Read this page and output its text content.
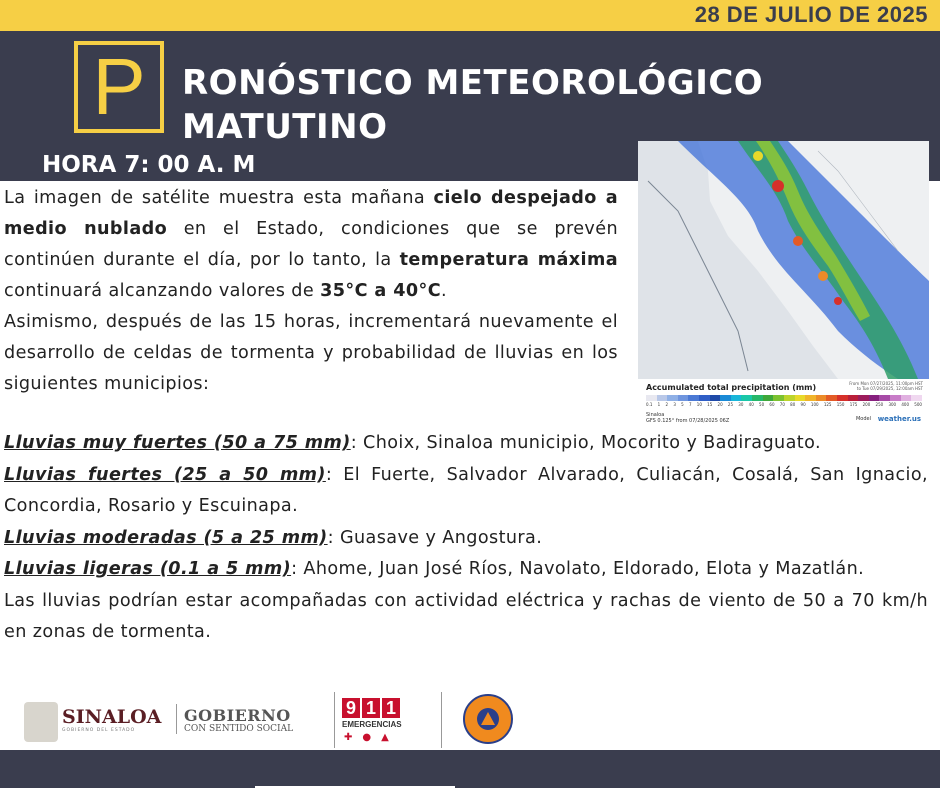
28 DE JULIO DE 2025
P	RONÓSTICO METEOROLÓGICO
MATUTINO
HORA 7: 00 A. M
Accumulated total precipitation (mm)	From Mon 07/27/2025, 11:00pm HST
to Tue 07/29/2025, 12:00am HST
0.1 1 2 3 5 7 10 15 20 25 30 40 50 60 70 80 90 100 125 150 175 200 250 300 400 500
Sinaloa
GFS 0.125° from 07/28/2025 06Z	Model weather.us

La imagen de satélite muestra esta mañana cielo despejado a medio nublado en el Estado, condiciones que se prevén continúen durante el día, por lo tanto, la temperatura máxima continuará alcanzando valores de 35°C a 40°C.

Asimismo, después de las 15 horas, incrementará nuevamente el desarrollo de celdas de tormenta y probabilidad de lluvias en los siguientes municipios:

Lluvias muy fuertes (50 a 75 mm): Choix, Sinaloa municipio, Mocorito y Badiraguato.

Lluvias fuertes (25 a 50 mm): El Fuerte, Salvador Alvarado, Culiacán, Cosalá, San Ignacio, Concordia, Rosario y Escuinapa.

Lluvias moderadas (5 a 25 mm): Guasave y Angostura.

Lluvias ligeras (0.1 a 5 mm): Ahome, Juan José Ríos, Navolato, Eldorado, Elota y Mazatlán.

Las lluvias podrían estar acompañadas con actividad eléctrica y rachas de viento de 50 a 70 km/h en zonas de tormenta.

SINALOA
GOBIERNO DEL ESTADO
GOBIERNO
CON SENTIDO SOCIAL
9 1 1
EMERGENCIAS
✚●▲
